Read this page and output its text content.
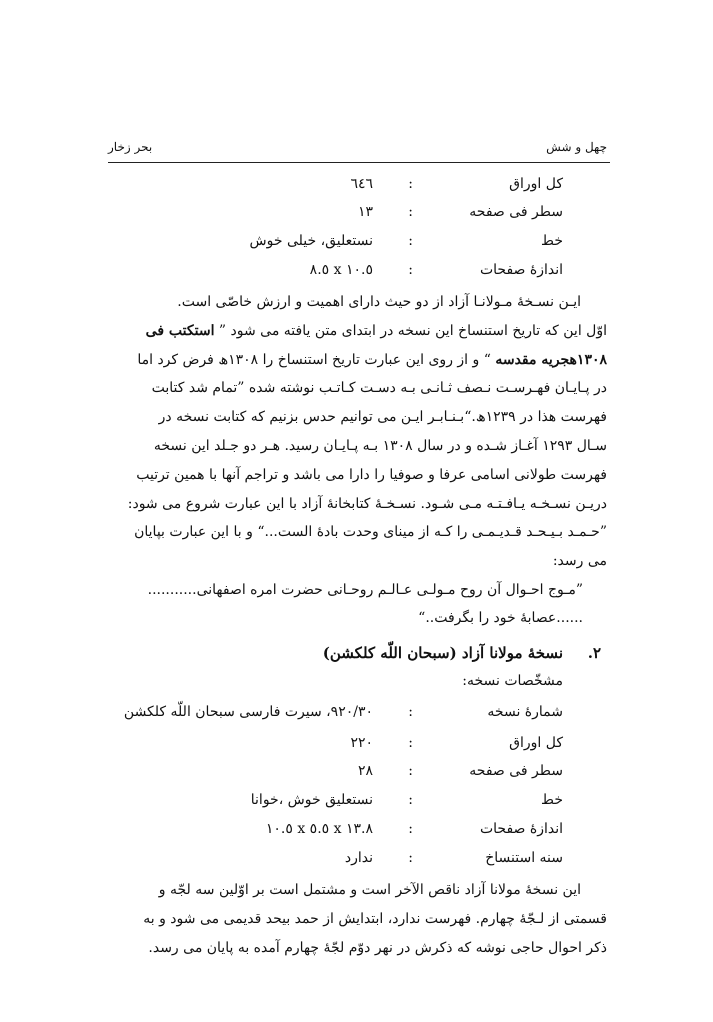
چهل و شش
بحر زخار
کل اوراق
:
٦٤٦
سطر فی صفحه
:
١٣
خط
:
نستعلیق، خیلی خوش
اندازهٔ صفحات
:
١٠.٥ x ٨.٥
ایـن نسـخهٔ مـولانـا آزاد از دو حیث دارای اهمیت و ارزش خاصّی است.
اوّل این که تاریخ استنساخ این نسخه در ابتدای متن یافته می شود ” استکتب فی
١٣٠٨هجریه مقدسه “ و از روی این عبارت تاریخ استنساخ را ١٣٠٨ھ فرض کرد اما
در پـایـان فهـرسـت نـصف ثـانـی بـه دسـت کـاتـب نوشته شده ”تمام شد کتابت
فهرست هذا در ١٢٣٩ھ.“بـنـابـر ایـن می توانیم حدس بزنیم که کتابت نسخه در
سـال ١٢٩٣ آغـاز شـده و در سال ١٣٠٨ بـه پـایـان رسید. هـر دو جـلد این نسخه
فهرست طولانی اسامی عرفا و صوفیا را دارا می باشد و تراجم آنها با همین ترتیب
دریـن نسـخـه یـافـتـه مـی شـود. نسـخـهٔ کتابخانهٔ آزاد با این عبارت شروع می شود:
”حـمـد بـیـحـد قـدیـمـی را کـه از مینای وحدت بادهٔ الست...“ و با این عبارت بپایان
می رسد:
”مـوج احـوال آن روح مـولـی عـالـم روحـانی حضرت امره اصفهانی...........
......عصابهٔ خود را بگرفت..“
٢.
نسخهٔ مولانا آزاد (سبحان اللّه کلکشن)
مشخّصات نسخه:
شمارهٔ نسخه
:
٩٢٠/٣٠، سیرت فارسی سبحان اللّه کلکشن
کل اوراق
:
٢٢٠
سطر فی صفحه
:
٢٨
خط
:
نستعلیق خوش ،خوانا
اندازهٔ صفحات
:
١٣.٨ x ٥.٥ x ١٠.٥
سنه استنساخ
:
ندارد
این نسخهٔ مولانا آزاد ناقص الآخر است و مشتمل است بر اوّلین سه لجّه و
قسمتی از لـجّهٔ چهارم. فهرست ندارد، ابتدایش از حمد بیحد قدیمی می شود و به
ذکر احوال حاجی نوشه که ذکرش در نهر دوّم لجّهٔ چهارم آمده به پایان می رسد.
